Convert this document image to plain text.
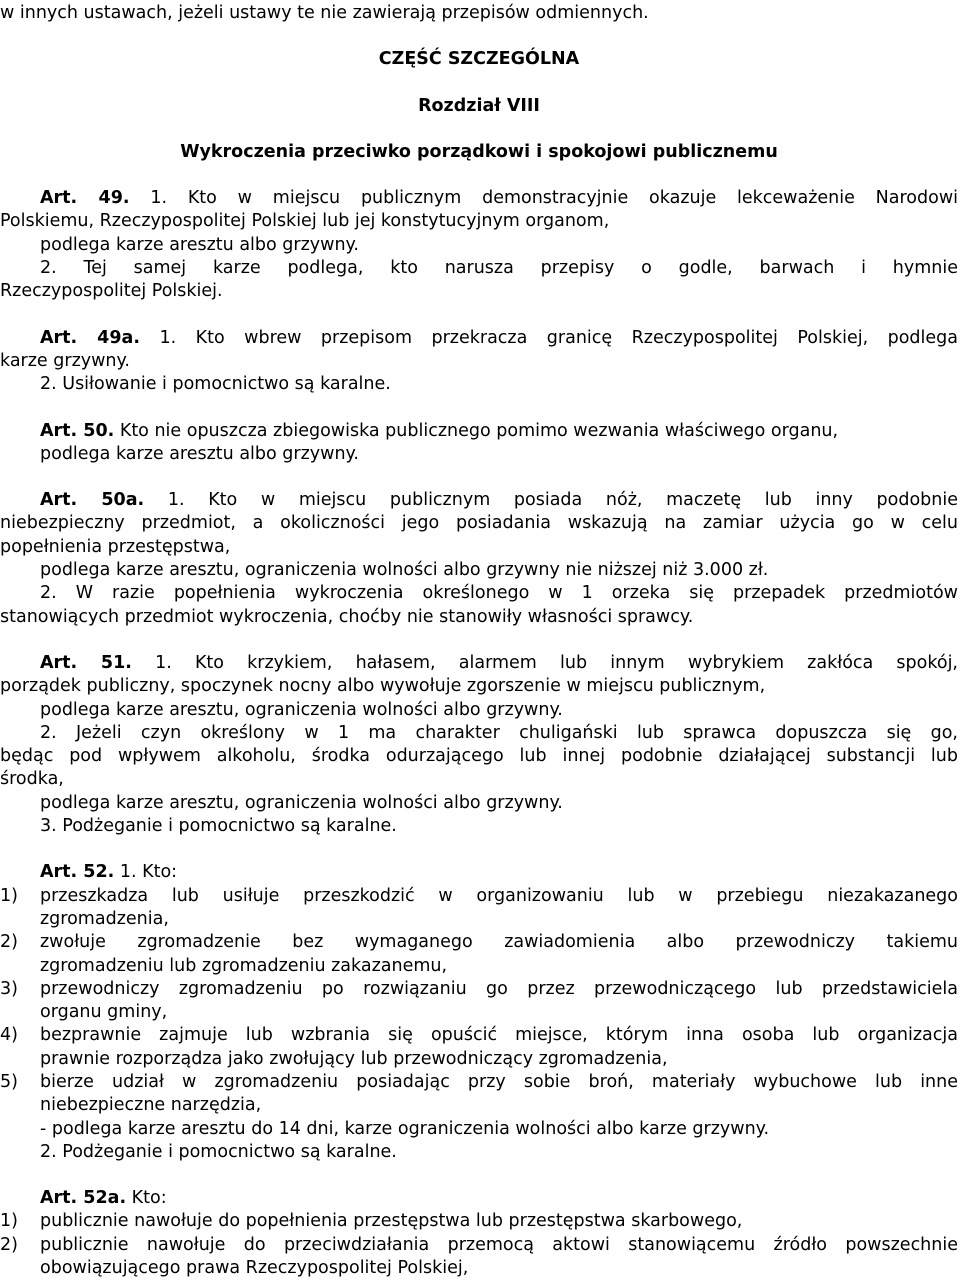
w innych ustawach, jeżeli ustawy te nie zawierają przepisów odmiennych.
CZĘŚĆ SZCZEGÓLNA
Rozdział VIII
Wykroczenia przeciwko porządkowi i spokojowi publicznemu
Art. 49. 1. Kto w miejscu publicznym demonstracyjnie okazuje lekceważenie Narodowi
Polskiemu, Rzeczypospolitej Polskiej lub jej konstytucyjnym organom,
podlega karze aresztu albo grzywny.
2. Tej samej karze podlega, kto narusza przepisy o godle, barwach i hymnie
Rzeczypospolitej Polskiej.
Art. 49a. 1. Kto wbrew przepisom przekracza granicę Rzeczypospolitej Polskiej, podlega
karze grzywny.
2. Usiłowanie i pomocnictwo są karalne.
Art. 50. Kto nie opuszcza zbiegowiska publicznego pomimo wezwania właściwego organu,
podlega karze aresztu albo grzywny.
Art. 50a. 1. Kto w miejscu publicznym posiada nóż, maczetę lub inny podobnie
niebezpieczny przedmiot, a okoliczności jego posiadania wskazują na zamiar użycia go w celu
popełnienia przestępstwa,
podlega karze aresztu, ograniczenia wolności albo grzywny nie niższej niż 3.000 zł.
2. W razie popełnienia wykroczenia określonego w 1 orzeka się przepadek przedmiotów
stanowiących przedmiot wykroczenia, choćby nie stanowiły własności sprawcy.
Art. 51. 1. Kto krzykiem, hałasem, alarmem lub innym wybrykiem zakłóca spokój,
porządek publiczny, spoczynek nocny albo wywołuje zgorszenie w miejscu publicznym,
podlega karze aresztu, ograniczenia wolności albo grzywny.
2. Jeżeli czyn określony w 1 ma charakter chuligański lub sprawca dopuszcza się go,
będąc pod wpływem alkoholu, środka odurzającego lub innej podobnie działającej substancji lub
środka,
podlega karze aresztu, ograniczenia wolności albo grzywny.
3. Podżeganie i pomocnictwo są karalne.
Art. 52. 1. Kto:
1) przeszkadza lub usiłuje przeszkodzić w organizowaniu lub w przebiegu niezakazanego
zgromadzenia,
2) zwołuje zgromadzenie bez wymaganego zawiadomienia albo przewodniczy takiemu
zgromadzeniu lub zgromadzeniu zakazanemu,
3) przewodniczy zgromadzeniu po rozwiązaniu go przez przewodniczącego lub przedstawiciela
organu gminy,
4) bezprawnie zajmuje lub wzbrania się opuścić miejsce, którym inna osoba lub organizacja
prawnie rozporządza jako zwołujący lub przewodniczący zgromadzenia,
5) bierze udział w zgromadzeniu posiadając przy sobie broń, materiały wybuchowe lub inne
niebezpieczne narzędzia,
- podlega karze aresztu do 14 dni, karze ograniczenia wolności albo karze grzywny.
2. Podżeganie i pomocnictwo są karalne.
Art. 52a. Kto:
1) publicznie nawołuje do popełnienia przestępstwa lub przestępstwa skarbowego,
2) publicznie nawołuje do przeciwdziałania przemocą aktowi stanowiącemu źródło powszechnie
obowiązującego prawa Rzeczypospolitej Polskiej,
